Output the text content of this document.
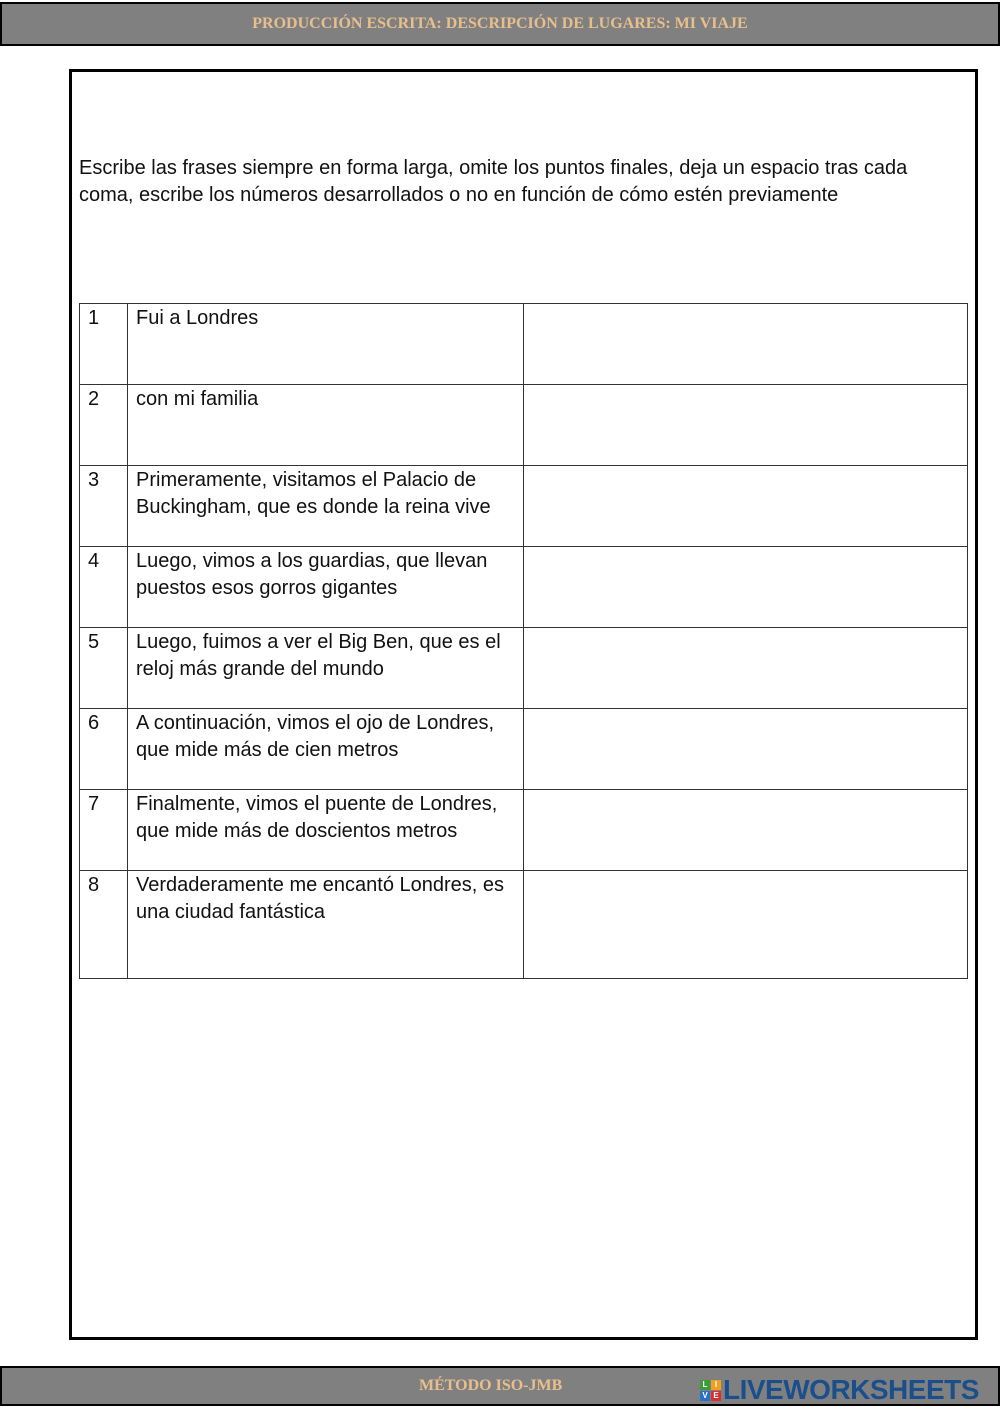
PRODUCCIÓN ESCRITA: DESCRIPCIÓN DE LUGARES: MI VIAJE
Escribe las frases siempre en forma larga, omite los puntos finales, deja un espacio tras cada coma, escribe los números desarrollados o no en función de cómo estén previamente
1	Fui a Londres	
2	con mi familia	
3	Primeramente, visitamos el Palacio de Buckingham, que es donde la reina vive	
4	Luego, vimos a los guardias, que llevan puestos esos gorros gigantes	
5	Luego, fuimos a ver el Big Ben, que es el reloj más grande del mundo	
6	A continuación, vimos el ojo de Londres, que mide más de cien metros	
7	Finalmente, vimos el puente de Londres, que mide más de doscientos metros	
8	Verdaderamente me encantó Londres, es una ciudad fantástica	
MÉTODO ISO-JMB	L I
V E LIVEWORKSHEETS
